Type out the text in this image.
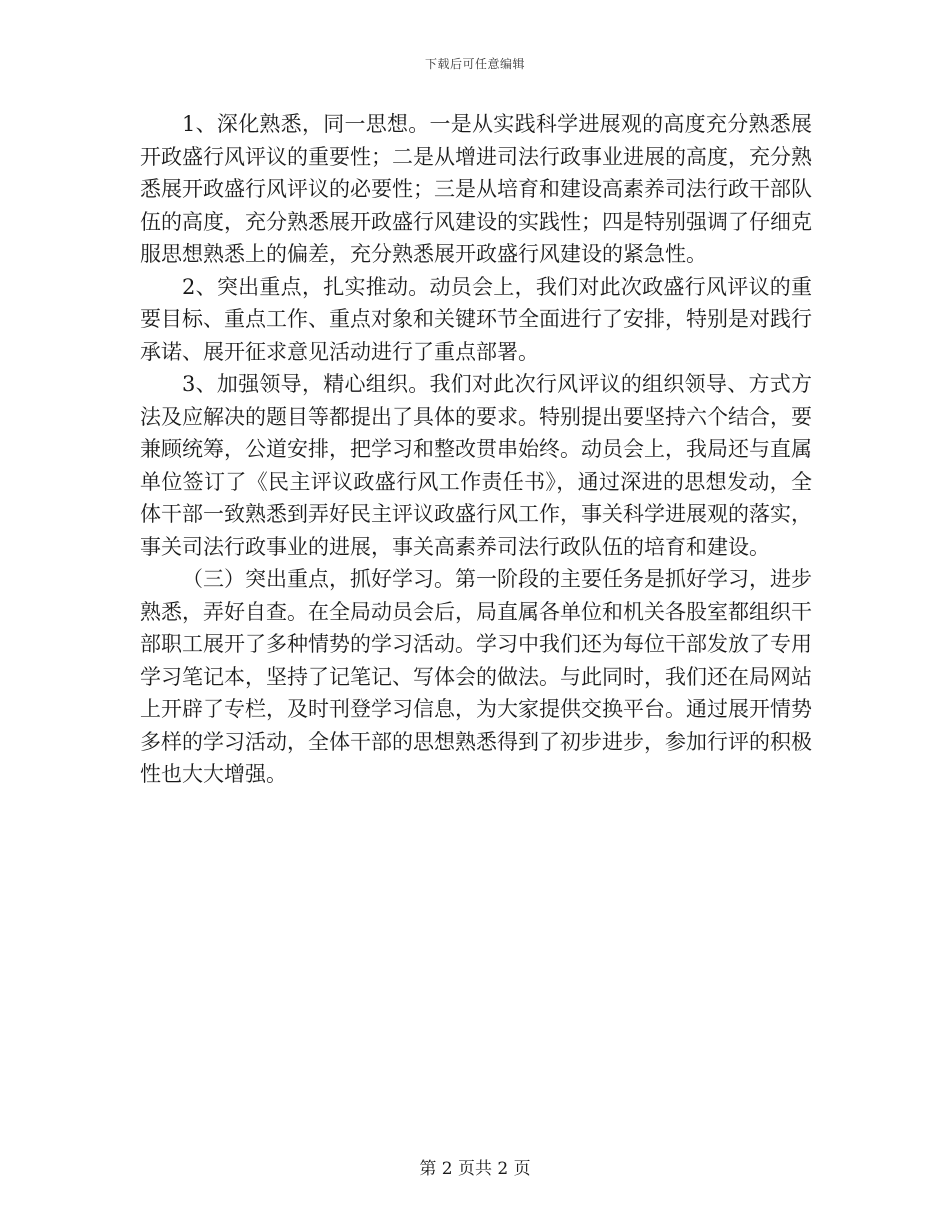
下载后可任意编辑

1、深化熟悉，同一思想。一是从实践科学进展观的高度充分熟悉展开政盛行风评议的重要性；二是从增进司法行政事业进展的高度，充分熟悉展开政盛行风评议的必要性；三是从培育和建设高素养司法行政干部队伍的高度，充分熟悉展开政盛行风建设的实践性；四是特别强调了仔细克服思想熟悉上的偏差，充分熟悉展开政盛行风建设的紧急性。

2、突出重点，扎实推动。动员会上，我们对此次政盛行风评议的重要目标、重点工作、重点对象和关键环节全面进行了安排，特别是对践行承诺、展开征求意见活动进行了重点部署。

3、加强领导，精心组织。我们对此次行风评议的组织领导、方式方法及应解决的题目等都提出了具体的要求。特别提出要坚持六个结合，要兼顾统筹，公道安排，把学习和整改贯串始终。动员会上，我局还与直属单位签订了《民主评议政盛行风工作责任书》，通过深进的思想发动，全体干部一致熟悉到弄好民主评议政盛行风工作，事关科学进展观的落实，事关司法行政事业的进展，事关高素养司法行政队伍的培育和建设。

（三）突出重点，抓好学习。第一阶段的主要任务是抓好学习，进步熟悉，弄好自查。在全局动员会后，局直属各单位和机关各股室都组织干部职工展开了多种情势的学习活动。学习中我们还为每位干部发放了专用学习笔记本，坚持了记笔记、写体会的做法。与此同时，我们还在局网站上开辟了专栏，及时刊登学习信息，为大家提供交换平台。通过展开情势多样的学习活动，全体干部的思想熟悉得到了初步进步，参加行评的积极性也大大增强。

第 2 页共 2 页
